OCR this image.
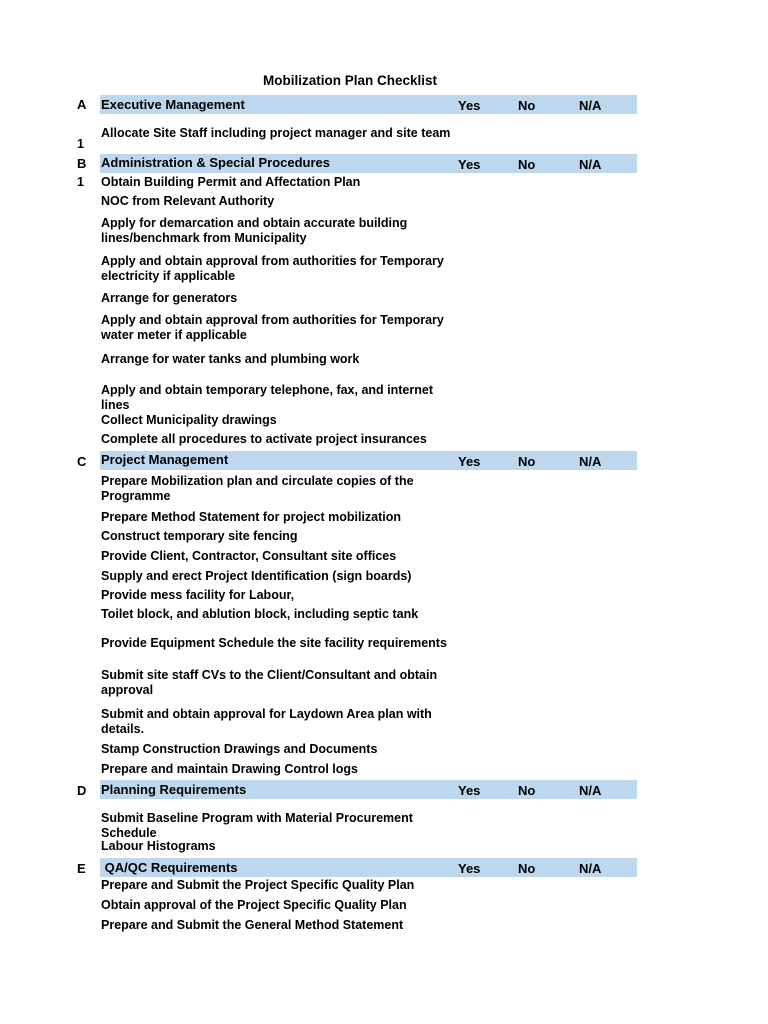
Mobilization Plan Checklist
A Executive Management	Yes	No	N/A
Allocate Site Staff including project manager and site team
1
B Administration & Special Procedures	Yes	No	N/A
1 Obtain Building Permit and Affectation Plan
NOC from Relevant Authority
Apply for demarcation and obtain accurate building
lines/benchmark from Municipality
Apply and obtain approval from authorities for Temporary
electricity if applicable
Arrange for generators
Apply and obtain approval from authorities for Temporary
water meter if applicable
Arrange for water tanks and plumbing work
Apply and obtain temporary telephone, fax, and internet lines
Collect Municipality drawings
Complete all procedures to activate project insurances
C Project Management	Yes	No	N/A
Prepare Mobilization plan and circulate copies of the
Programme
Prepare Method Statement for project mobilization
Construct temporary site fencing
Provide Client, Contractor, Consultant site offices
Supply and erect Project Identification (sign boards)
Provide mess facility for Labour,
Toilet block, and ablution block, including septic tank
Provide Equipment Schedule the site facility requirements
Submit site staff CVs to the Client/Consultant and obtain
approval
Submit and obtain approval for Laydown Area plan with
details.
Stamp Construction Drawings and Documents
Prepare and maintain Drawing Control logs
D Planning Requirements	Yes	No	N/A
Submit Baseline Program with Material Procurement Schedule
Labour Histograms
E QA/QC Requirements	Yes	No	N/A
Prepare and Submit the Project Specific Quality Plan
Obtain approval of the Project Specific Quality Plan
Prepare and Submit the General Method Statement
